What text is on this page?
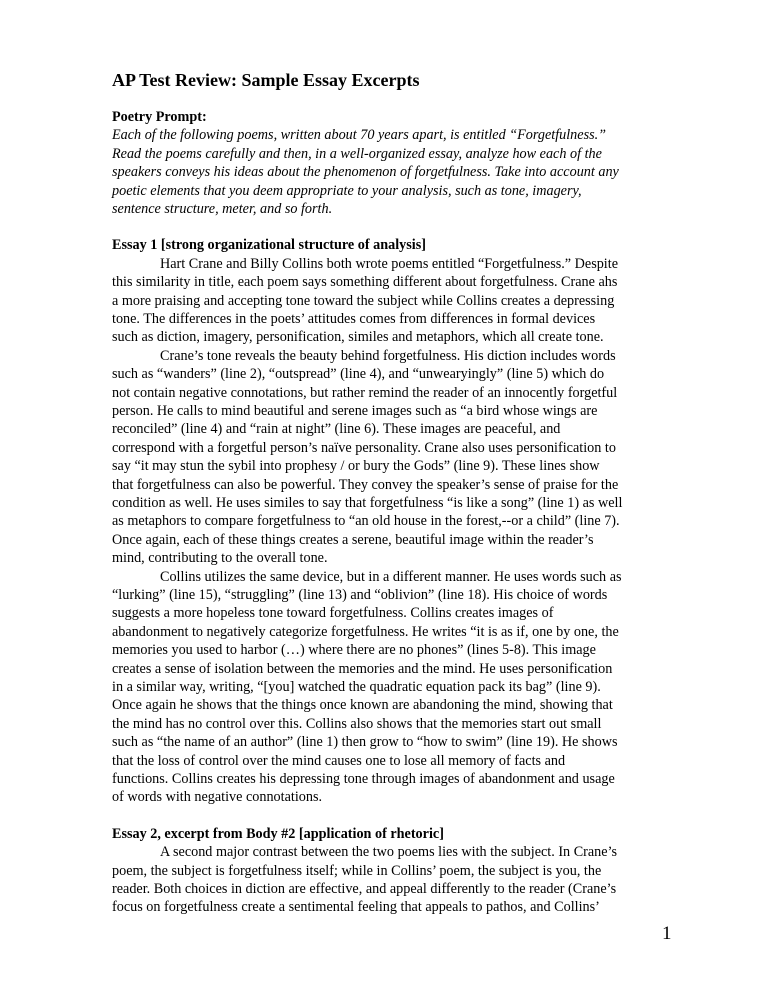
AP Test Review: Sample Essay Excerpts
Poetry Prompt:
Each of the following poems, written about 70 years apart, is entitled “Forgetfulness.”
Read the poems carefully and then, in a well-organized essay, analyze how each of the
speakers conveys his ideas about the phenomenon of forgetfulness. Take into account any
poetic elements that you deem appropriate to your analysis, such as tone, imagery,
sentence structure, meter, and so forth.
Essay 1 [strong organizational structure of analysis]
Hart Crane and Billy Collins both wrote poems entitled “Forgetfulness.” Despite
this similarity in title, each poem says something different about forgetfulness. Crane ahs
a more praising and accepting tone toward the subject while Collins creates a depressing
tone. The differences in the poets’ attitudes comes from differences in formal devices
such as diction, imagery, personification, similes and metaphors, which all create tone.
Crane’s tone reveals the beauty behind forgetfulness. His diction includes words
such as “wanders” (line 2), “outspread” (line 4), and “unwearyingly” (line 5) which do
not contain negative connotations, but rather remind the reader of an innocently forgetful
person. He calls to mind beautiful and serene images such as “a bird whose wings are
reconciled” (line 4) and “rain at night” (line 6). These images are peaceful, and
correspond with a forgetful person’s naïve personality. Crane also uses personification to
say “it may stun the sybil into prophesy / or bury the Gods” (line 9). These lines show
that forgetfulness can also be powerful. They convey the speaker’s sense of praise for the
condition as well. He uses similes to say that forgetfulness “is like a song” (line 1) as well
as metaphors to compare forgetfulness to “an old house in the forest,--or a child” (line 7).
Once again, each of these things creates a serene, beautiful image within the reader’s
mind, contributing to the overall tone.
Collins utilizes the same device, but in a different manner. He uses words such as
“lurking” (line 15), “struggling” (line 13) and “oblivion” (line 18). His choice of words
suggests a more hopeless tone toward forgetfulness. Collins creates images of
abandonment to negatively categorize forgetfulness. He writes “it is as if, one by one, the
memories you used to harbor (…) where there are no phones” (lines 5-8). This image
creates a sense of isolation between the memories and the mind. He uses personification
in a similar way, writing, “[you] watched the quadratic equation pack its bag” (line 9).
Once again he shows that the things once known are abandoning the mind, showing that
the mind has no control over this. Collins also shows that the memories start out small
such as “the name of an author” (line 1) then grow to “how to swim” (line 19). He shows
that the loss of control over the mind causes one to lose all memory of facts and
functions. Collins creates his depressing tone through images of abandonment and usage
of words with negative connotations.
Essay 2, excerpt from Body #2 [application of rhetoric]
A second major contrast between the two poems lies with the subject. In Crane’s
poem, the subject is forgetfulness itself; while in Collins’ poem, the subject is you, the
reader. Both choices in diction are effective, and appeal differently to the reader (Crane’s
focus on forgetfulness create a sentimental feeling that appeals to pathos, and Collins’
1
